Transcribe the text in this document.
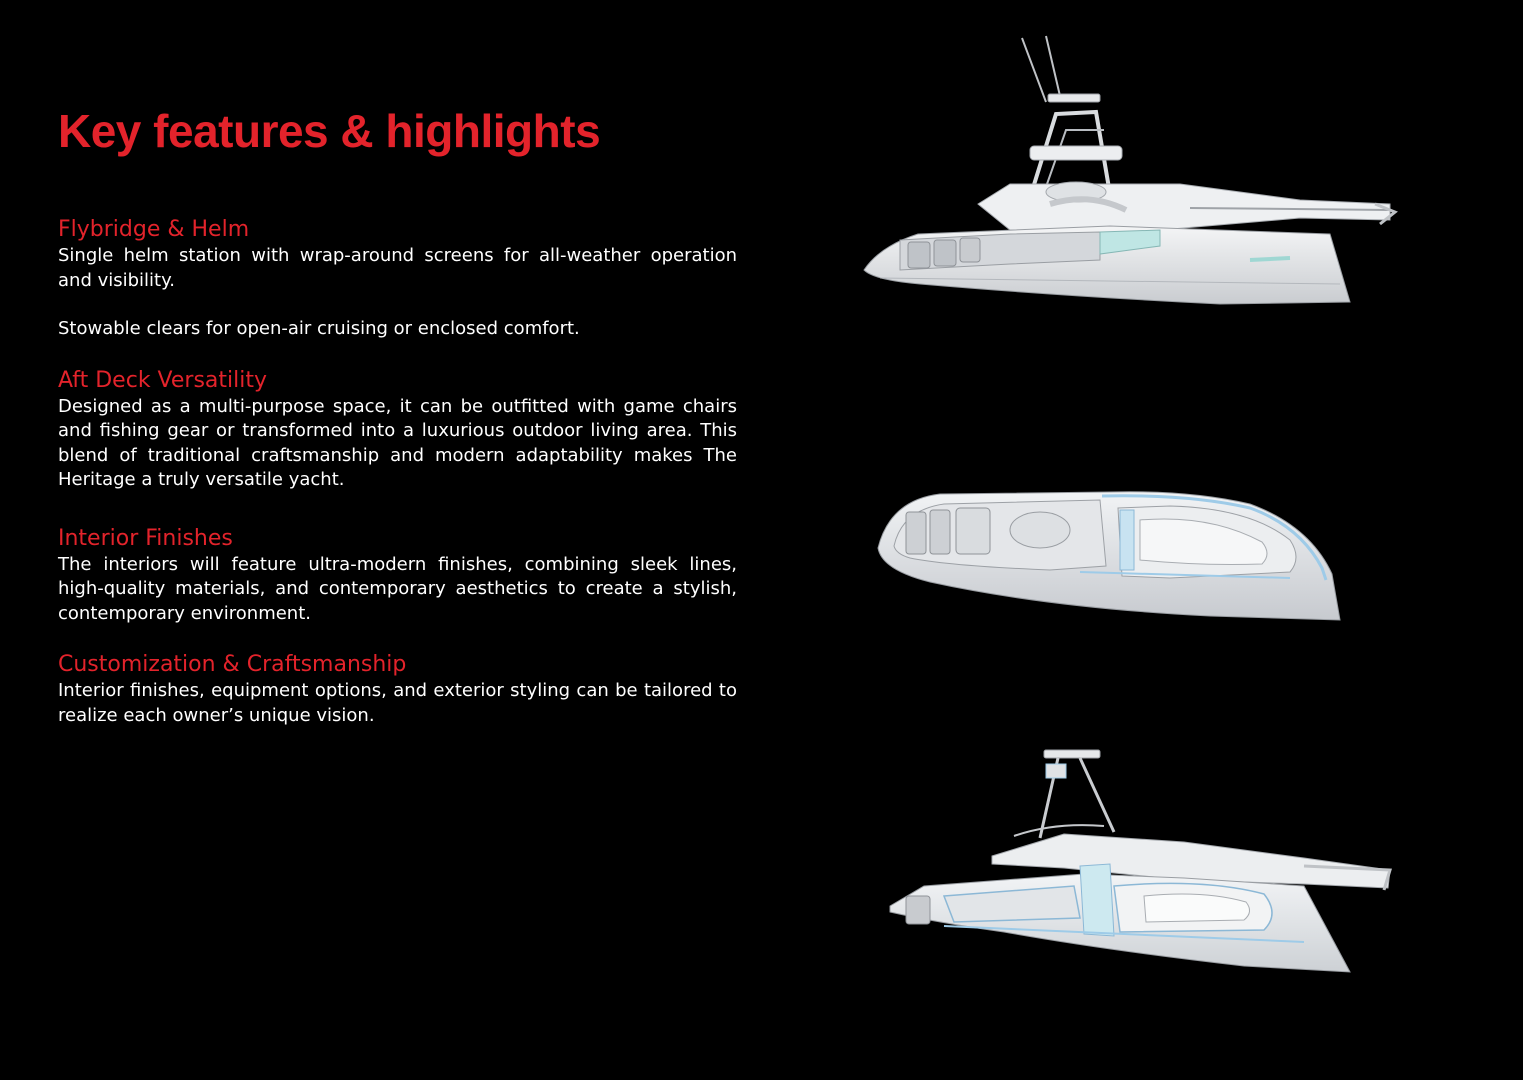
Key features & highlights
Flybridge & Helm

Single helm station with wrap-around screens for all-weather operation and visibility.

Stowable clears for open-air cruising or enclosed comfort.

Aft Deck Versatility

Designed as a multi-purpose space, it can be outfitted with game chairs and fishing gear or transformed into a luxurious outdoor living area. This blend of traditional craftsmanship and modern adaptability makes The Heritage a truly versatile yacht.

Interior Finishes

The interiors will feature ultra-modern finishes, combining sleek lines, high-quality materials, and contemporary aesthetics to create a stylish, contemporary environment.

Customization & Craftsmanship

Interior finishes, equipment options, and exterior styling can be tailored to realize each owner’s unique vision.
